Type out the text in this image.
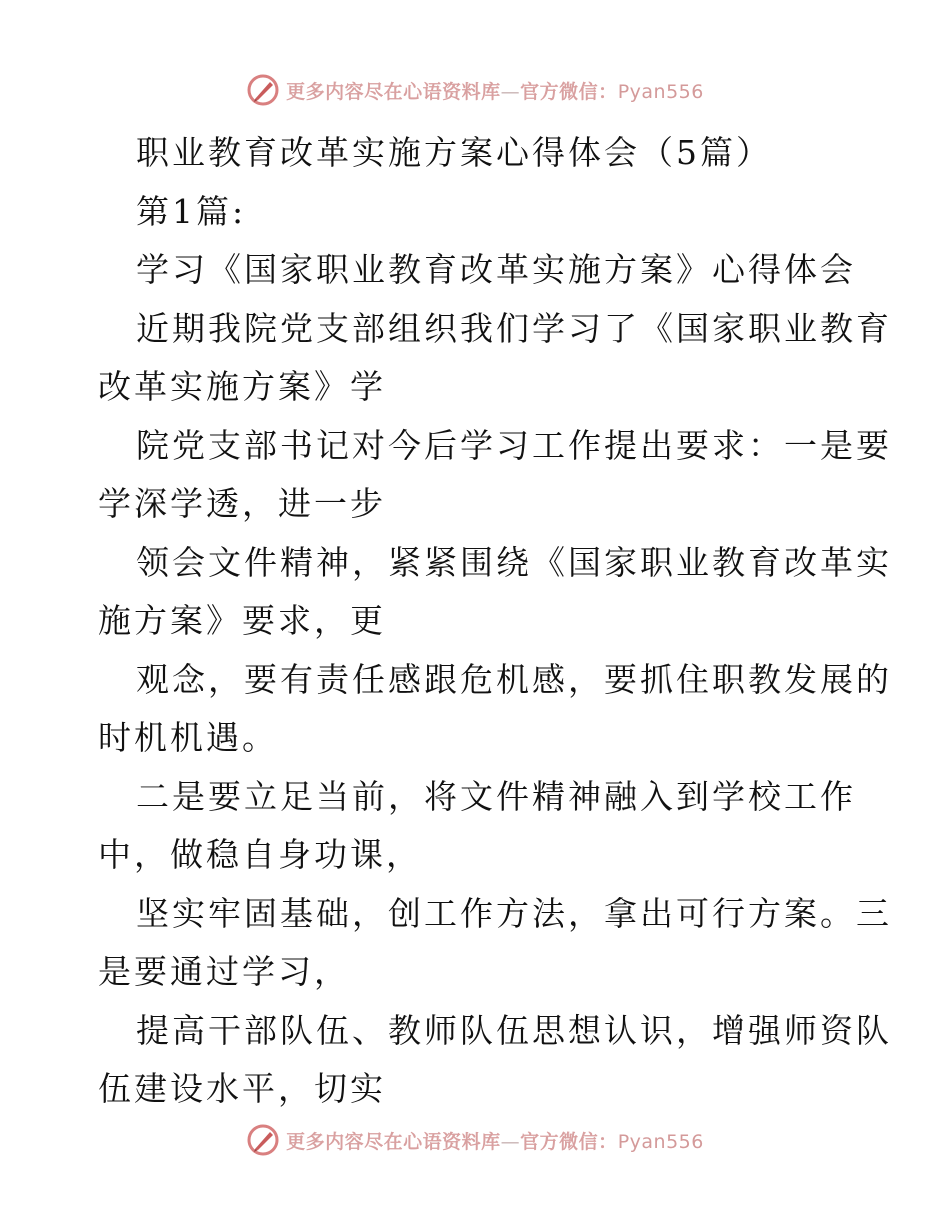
更多内容尽在心语资料库—官方微信：Pyan556
职业教育改革实施方案心得体会（5篇）
第1篇:
学习《国家职业教育改革实施方案》心得体会
近期我院党支部组织我们学习了《国家职业教育
改革实施方案》学
院党支部书记对今后学习工作提出要求：一是要
学深学透，进一步
领会文件精神，紧紧围绕《国家职业教育改革实
施方案》要求，更
观念，要有责任感跟危机感，要抓住职教发展的
时机机遇。
二是要立足当前，将文件精神融入到学校工作
中，做稳自身功课，
坚实牢固基础，创工作方法，拿出可行方案。三
是要通过学习，
提高干部队伍、教师队伍思想认识，增强师资队
伍建设水平，切实
更多内容尽在心语资料库—官方微信：Pyan556
